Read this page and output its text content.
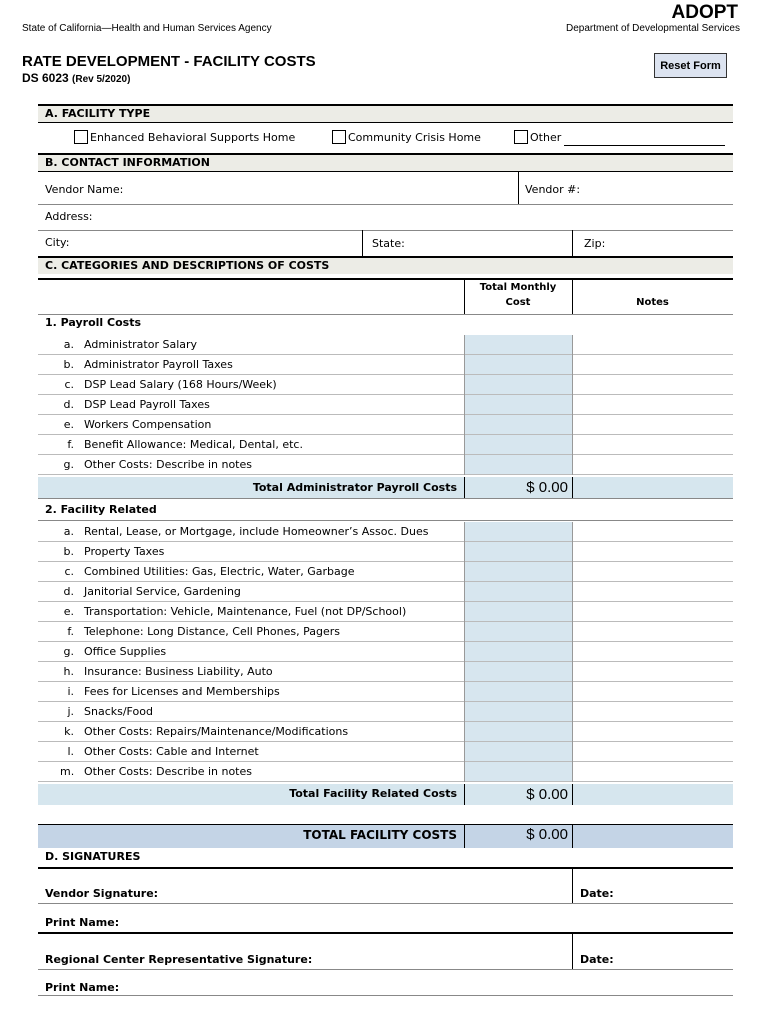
State of California—Health and Human Services Agency
ADOPT
Department of Developmental Services
RATE DEVELOPMENT - FACILITY COSTS
DS 6023 (Rev 5/2020)
Reset Form
A. FACILITY TYPE
Enhanced Behavioral Supports Home	Community Crisis Home	Other
B. CONTACT INFORMATION
Vendor Name:	Vendor #:
Address:
City:	State:	Zip:
C. CATEGORIES AND DESCRIPTIONS OF COSTS
Total Monthly
Cost	Notes
1. Payroll Costs
a. Administrator Salary
b. Administrator Payroll Taxes
c. DSP Lead Salary (168 Hours/Week)
d. DSP Lead Payroll Taxes
e. Workers Compensation
f. Benefit Allowance: Medical, Dental, etc.
g. Other Costs: Describe in notes
Total Administrator Payroll Costs	$ 0.00
2. Facility Related
a. Rental, Lease, or Mortgage, include Homeowner’s Assoc. Dues
b. Property Taxes
c. Combined Utilities: Gas, Electric, Water, Garbage
d. Janitorial Service, Gardening
e. Transportation: Vehicle, Maintenance, Fuel (not DP/School)
f. Telephone: Long Distance, Cell Phones, Pagers
g. Office Supplies
h. Insurance: Business Liability, Auto
i. Fees for Licenses and Memberships
j. Snacks/Food
k. Other Costs: Repairs/Maintenance/Modifications
l. Other Costs: Cable and Internet
m. Other Costs: Describe in notes
Total Facility Related Costs	$ 0.00
TOTAL FACILITY COSTS	$ 0.00
D. SIGNATURES
Vendor Signature:	Date:
Print Name:
Regional Center Representative Signature:	Date:
Print Name:
